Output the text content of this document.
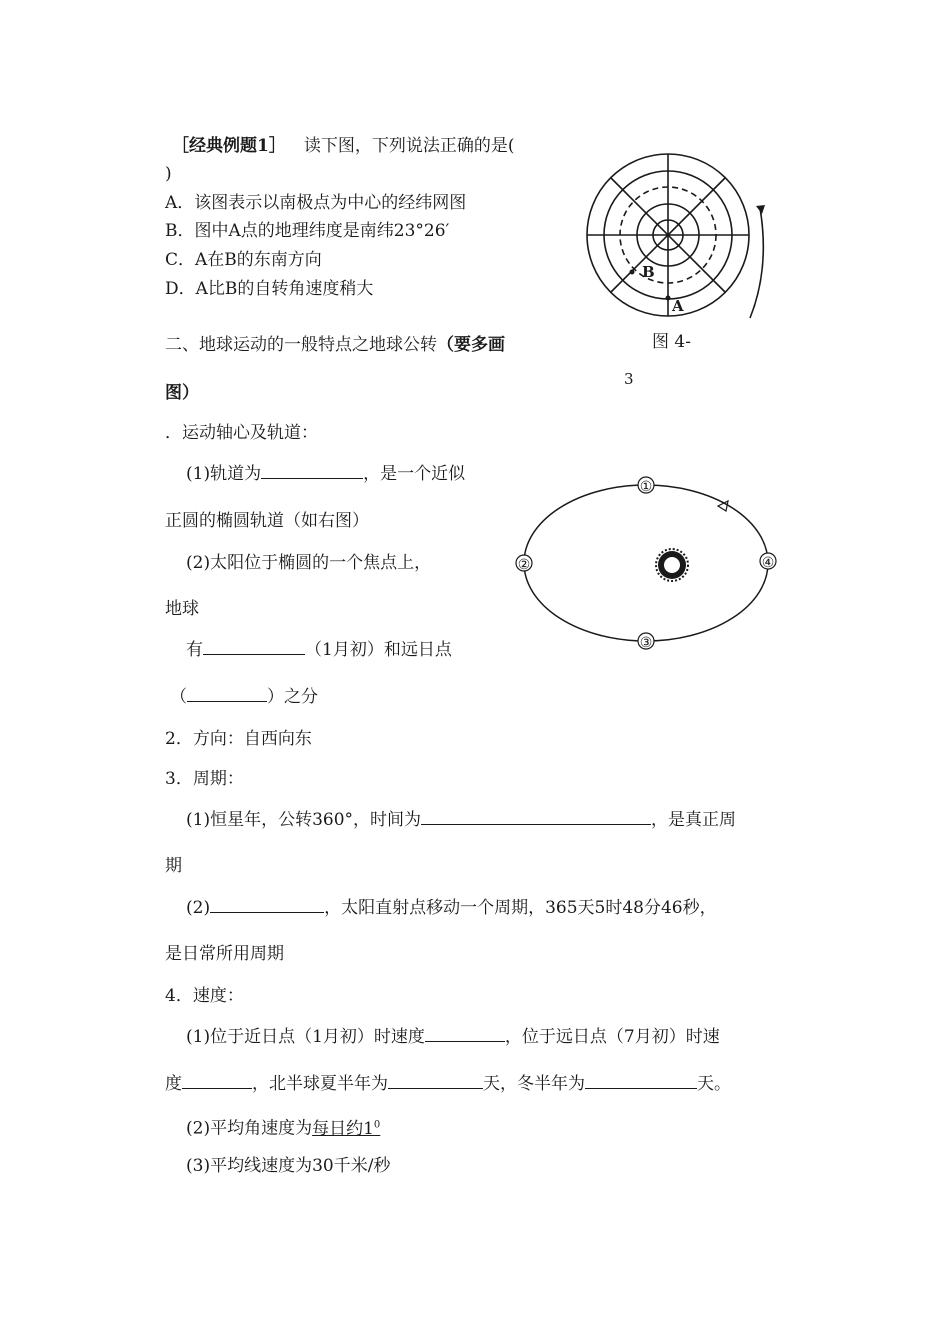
［经典例题1］ 读下图，下列说法正确的是(
)
A．该图表示以南极点为中心的经纬网图
B．图中A点的地理纬度是南纬23°26′
C．A在B的东南方向
D．A比B的自转角速度稍大
B
A
图 4-
3
二、地球运动的一般特点之地球公转（要多画
图）
．运动轴心及轨道：
(1)轨道为	，是一个近似
正圆的椭圆轨道（如右图）
(2)太阳位于椭圆的一个焦点上，
地球
有	（1月初）和远日点
（	）之分
①
②
③
④
2．方向：自西向东
3．周期：
(1)恒星年，公转360°，时间为	，是真正周
期
(2)	，太阳直射点移动一个周期，365天5时48分46秒，
是日常所用周期
4．速度：
(1)位于近日点（1月初）时速度	，位于远日点（7月初）时速
度	，北半球夏半年为	天，冬半年为	天。
(2)平均角速度为每日约$1^0$
(3)平均线速度为30千米/秒
